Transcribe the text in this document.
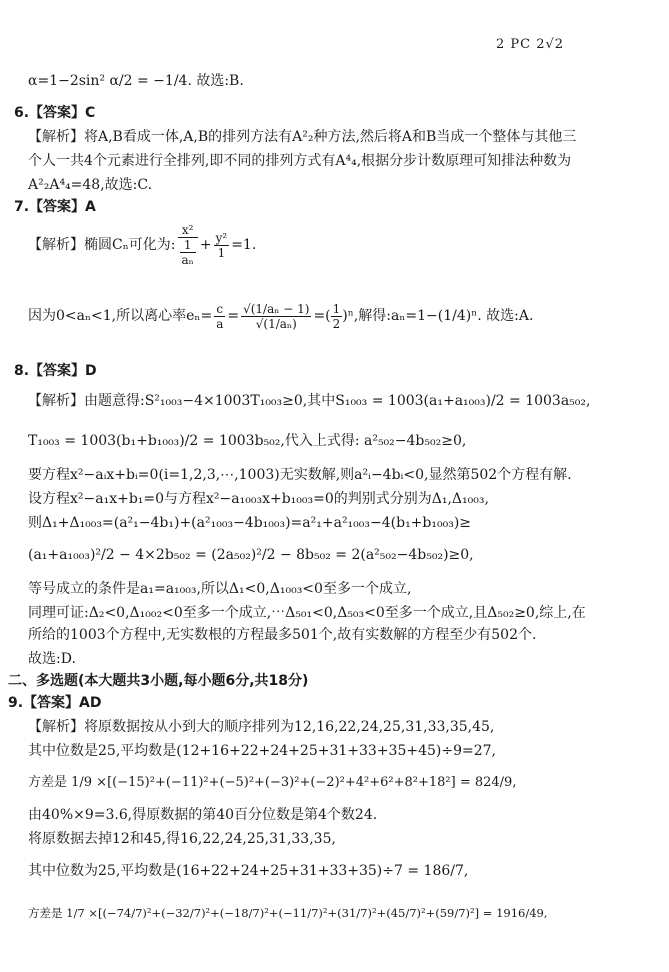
2 PC 2√2
α=1−2sin² α/2 = −1/4. 故选:B.
6.【答案】C
【解析】将A,B看成一体,A,B的排列方法有A²₂种方法,然后将A和B当成一个整体与其他三
个人一共4个元素进行全排列,即不同的排列方式有A⁴₄,根据分步计数原理可知排法种数为
A²₂A⁴₄=48,故选:C.
7.【答案】A
【解析】椭圆Cₙ可化为: $\frac{\text{x²}}{\frac{1}{\text{aₙ}}} + \frac{\text{y²}}{1} =1$.
因为0<aₙ<1,所以离心率$e_n= \frac{c}{a} = \frac{\text{√(1/aₙ − 1)}}{\text{√(1/aₙ)}}$ =( $\frac{1}{2} )^n$,解得:aₙ=1−(1/4)ⁿ. 故选:A.
8.【答案】D
【解析】由题意得:S²₁₀₀₃−4×1003T₁₀₀₃≥0,其中S₁₀₀₃ = 1003(a₁+a₁₀₀₃)/2 = 1003a₅₀₂,
T₁₀₀₃ = 1003(b₁+b₁₀₀₃)/2 = 1003b₅₀₂,代入上式得: a²₅₀₂−4b₅₀₂≥0,
要方程x²−aᵢx+bᵢ=0(i=1,2,3,⋯,1003)无实数解,则a²ᵢ−4bᵢ<0,显然第502个方程有解.
设方程x²−a₁x+b₁=0与方程x²−a₁₀₀₃x+b₁₀₀₃=0的判别式分别为Δ₁,Δ₁₀₀₃,
则Δ₁+Δ₁₀₀₃=(a²₁−4b₁)+(a²₁₀₀₃−4b₁₀₀₃)=a²₁+a²₁₀₀₃−4(b₁+b₁₀₀₃)≥
(a₁+a₁₀₀₃)²/2 − 4×2b₅₀₂ = (2a₅₀₂)²/2 − 8b₅₀₂ = 2(a²₅₀₂−4b₅₀₂)≥0,
等号成立的条件是a₁=a₁₀₀₃,所以Δ₁<0,Δ₁₀₀₃<0至多一个成立,
同理可证:Δ₂<0,Δ₁₀₀₂<0至多一个成立,⋯Δ₅₀₁<0,Δ₅₀₃<0至多一个成立,且Δ₅₀₂≥0,综上,在
所给的1003个方程中,无实数根的方程最多501个,故有实数解的方程至少有502个.
故选:D.
二、多选题(本大题共3小题,每小题6分,共18分)
9.【答案】AD
【解析】将原数据按从小到大的顺序排列为12,16,22,24,25,31,33,35,45,
其中位数是25,平均数是(12+16+22+24+25+31+33+35+45)÷9=27,
方差是 1/9 ×[(−15)²+(−11)²+(−5)²+(−3)²+(−2)²+4²+6²+8²+18²] = 824/9,
由40%×9=3.6,得原数据的第40百分位数是第4个数24.
将原数据去掉12和45,得16,22,24,25,31,33,35,
其中位数为25,平均数是(16+22+24+25+31+33+35)÷7 = 186/7,
方差是 1/7 ×[(−74/7)²+(−32/7)²+(−18/7)²+(−11/7)²+(31/7)²+(45/7)²+(59/7)²] = 1916/49,
